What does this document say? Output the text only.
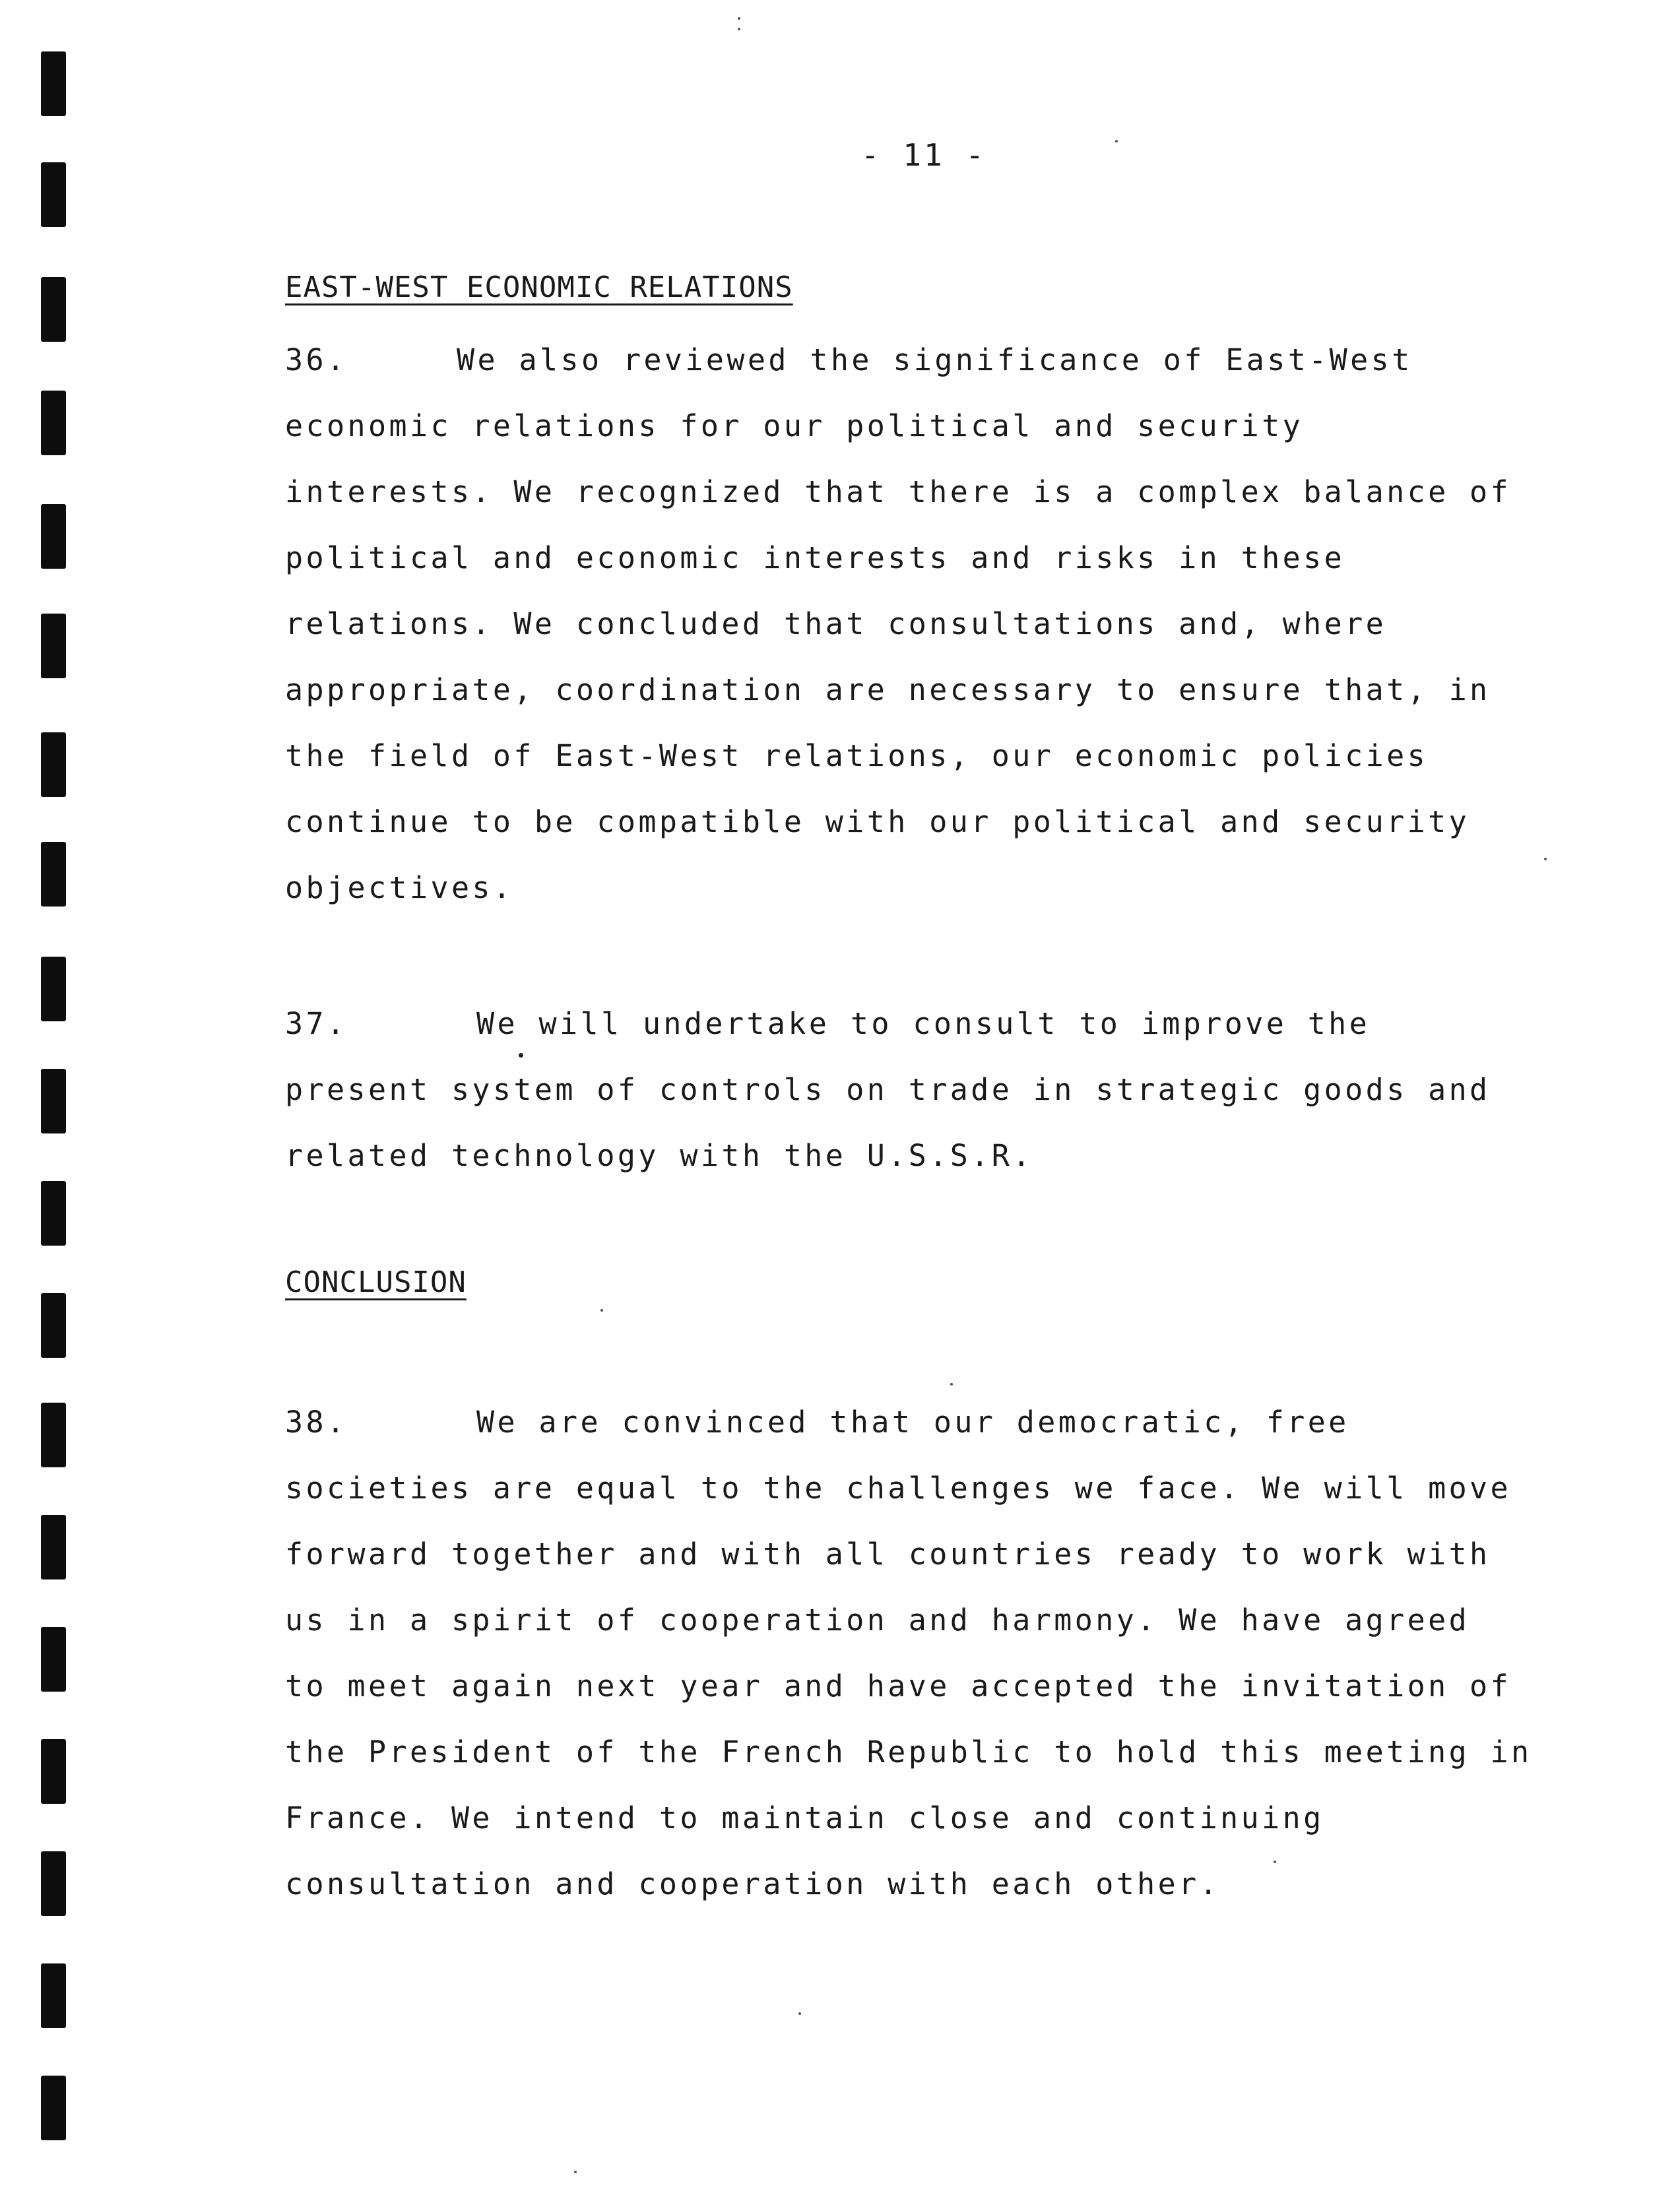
- 11 -
EAST-WEST ECONOMIC RELATIONS
36.	We also reviewed the significance of East-West
economic relations for our political and security
interests. We recognized that there is a complex balance of
political and economic interests and risks in these
relations. We concluded that consultations and, where
appropriate, coordination are necessary to ensure that, in
the field of East-West relations, our economic policies
continue to be compatible with our political and security
objectives.
37.	We will undertake to consult to improve the
present system of controls on trade in strategic goods and
related technology with the U.S.S.R.
CONCLUSION
38.	We are convinced that our democratic, free
societies are equal to the challenges we face. We will move
forward together and with all countries ready to work with
us in a spirit of cooperation and harmony. We have agreed
to meet again next year and have accepted the invitation of
the President of the French Republic to hold this meeting in
France. We intend to maintain close and continuing
consultation and cooperation with each other.
